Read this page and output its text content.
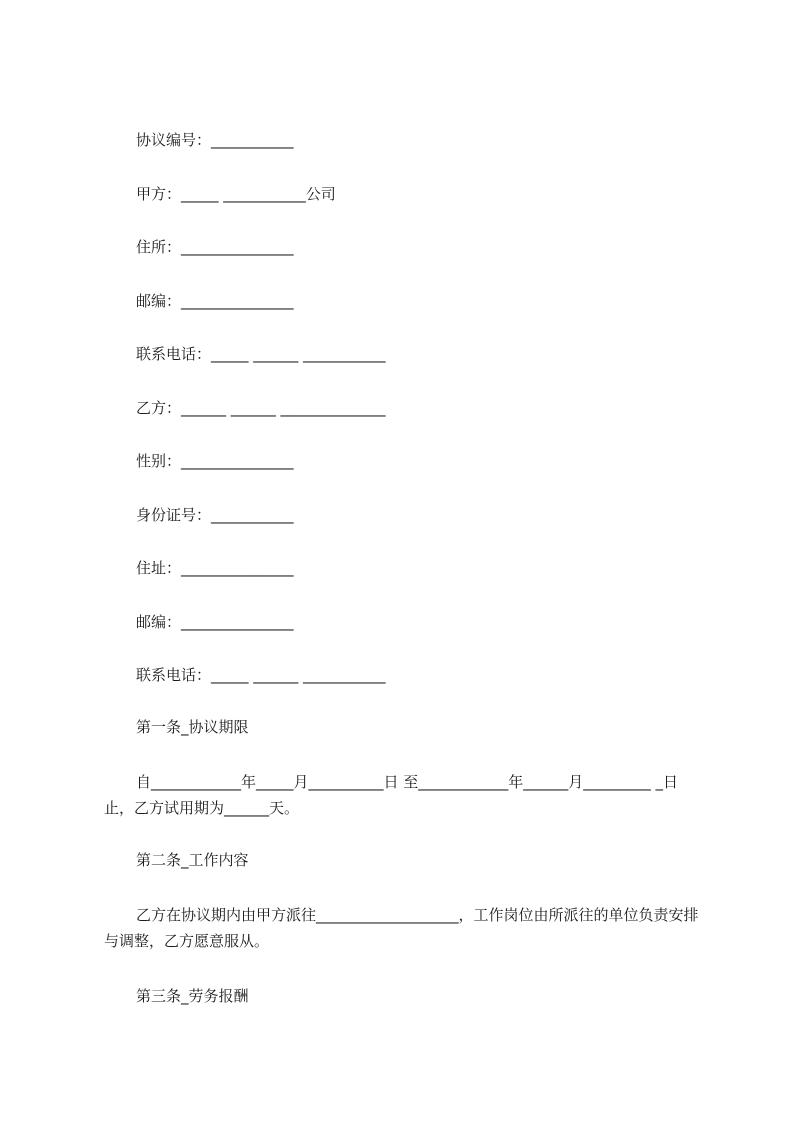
协议编号：___________
甲方：_____ ___________公司
住所：_______________
邮编：_______________
联系电话：_____ ______ ___________
乙方：______ ______ ______________
性别：_______________
身份证号：___________
住址：_______________
邮编：_______________
联系电话：_____ ______ ___________
第一条_协议期限
自____________年_____月__________日 至____________年______月_________ _日 止，乙方试用期为______天。
第二条_工作内容
乙方在协议期内由甲方派往___________________，工作岗位由所派往的单位负责安排与调整，乙方愿意服从。
第三条_劳务报酬
